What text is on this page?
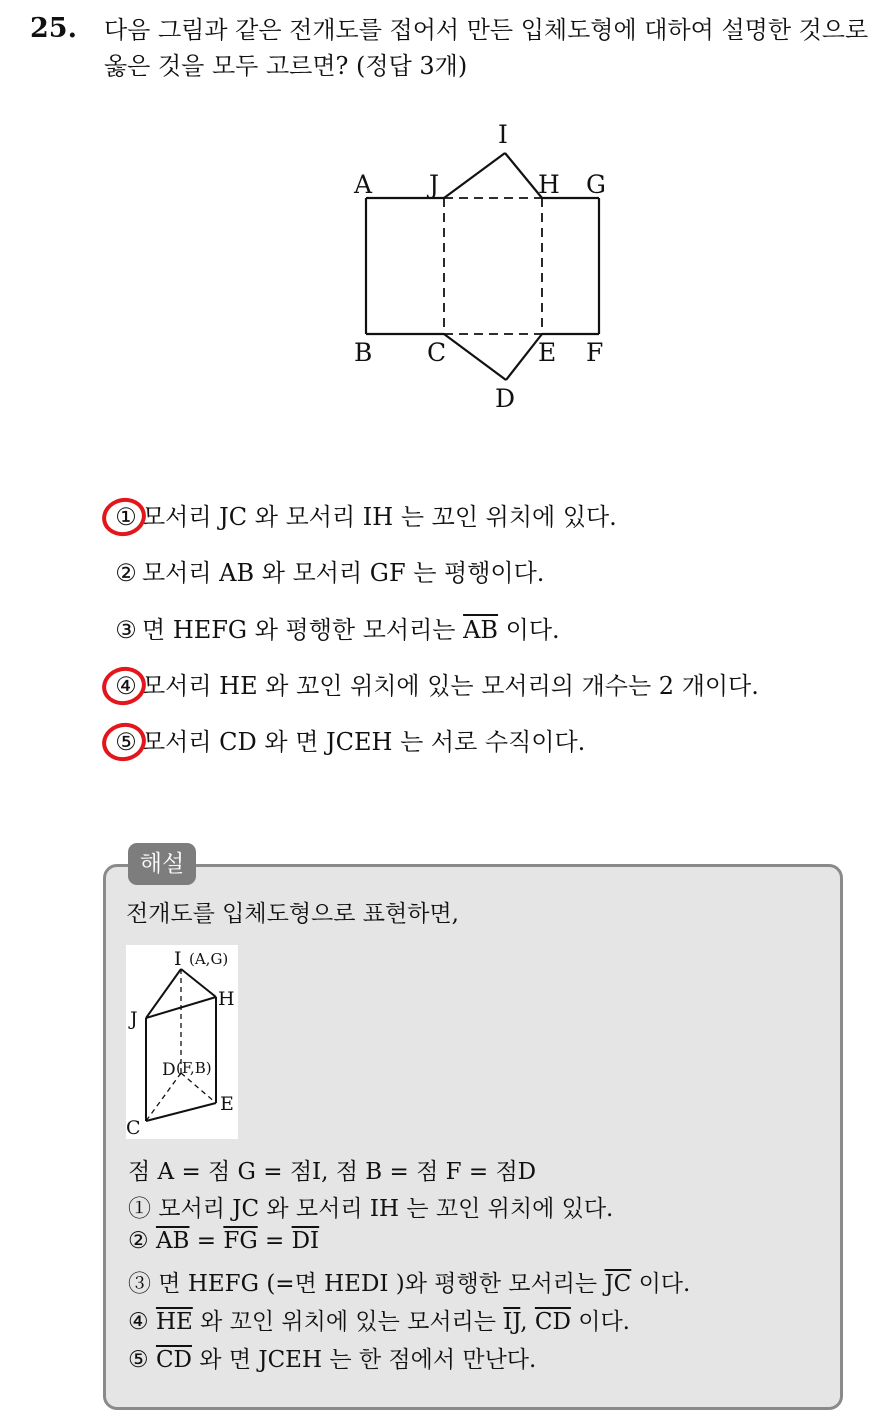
25. 다음 그림과 같은 전개도를 접어서 만든 입체도형에 대하여 설명한 것으로 옳은 것을 모두 고르면? (정답 3개)
A J
I
H G
B C	E F
D
① 모서리 JC 와 모서리 IH 는 꼬인 위치에 있다.
② 모서리 AB 와 모서리 GF 는 평행이다.
③ 면 HEFG 와 평행한 모서리는 $\overline{AB}$ 이다.
④ 모서리 HE 와 꼬인 위치에 있는 모서리의 개수는 2 개이다.
⑤ 모서리 CD 와 면 JCEH 는 서로 수직이다.
해설
전개도를 입체도형으로 표현하면,
I (A,G)
H
J
D (F,B)
E
C
점 A = 점 G = 점I, 점 B = 점 F = 점D
① 모서리 JC 와 모서리 IH 는 꼬인 위치에 있다.
② $\overline{AB} = \overline{FG} = \overline{DI}$
③ 면 HEFG (=면 HEDI )와 평행한 모서리는 $\overline{JC}$ 이다.
④ $\overline{HE}$ 와 꼬인 위치에 있는 모서리는 $\overline{IJ}$, $\overline{CD}$ 이다.
⑤ $\overline{CD}$ 와 면 JCEH 는 한 점에서 만난다.
